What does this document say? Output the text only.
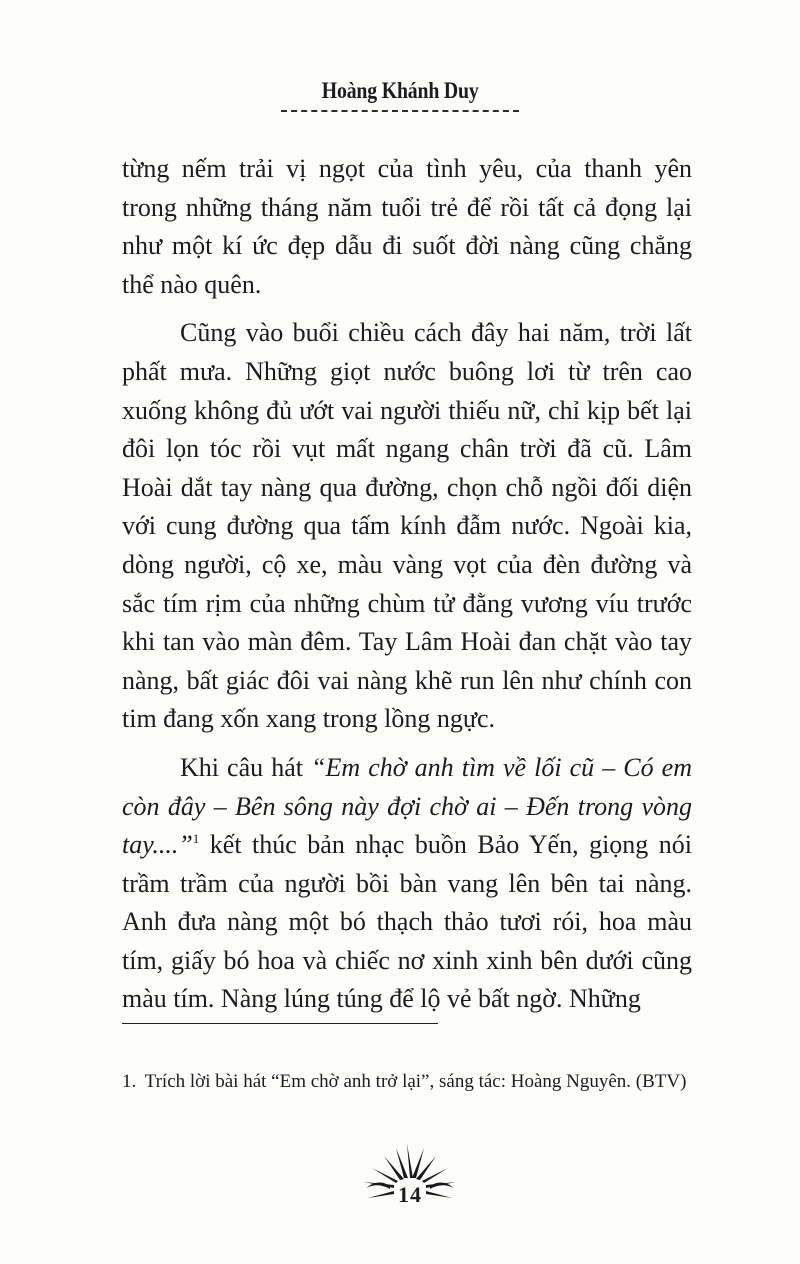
Hoàng Khánh Duy

từng nếm trải vị ngọt của tình yêu, của thanh yên trong những tháng năm tuổi trẻ để rồi tất cả đọng lại như một kí ức đẹp dẫu đi suốt đời nàng cũng chẳng thể nào quên.

Cũng vào buổi chiều cách đây hai năm, trời lất phất mưa. Những giọt nước buông lơi từ trên cao xuống không đủ ướt vai người thiếu nữ, chỉ kịp bết lại đôi lọn tóc rồi vụt mất ngang chân trời đã cũ. Lâm Hoài dắt tay nàng qua đường, chọn chỗ ngồi đối diện với cung đường qua tấm kính đẫm nước. Ngoài kia, dòng người, cộ xe, màu vàng vọt của đèn đường và sắc tím rịm của những chùm tử đằng vương víu trước khi tan vào màn đêm. Tay Lâm Hoài đan chặt vào tay nàng, bất giác đôi vai nàng khẽ run lên như chính con tim đang xốn xang trong lồng ngực.

Khi câu hát “Em chờ anh tìm về lối cũ – Có em còn đây – Bên sông này đợi chờ ai – Đến trong vòng tay....”$^1$ kết thúc bản nhạc buồn Bảo Yến, giọng nói trầm trầm của người bồi bàn vang lên bên tai nàng. Anh đưa nàng một bó thạch thảo tươi rói, hoa màu tím, giấy bó hoa và chiếc nơ xinh xinh bên dưới cũng màu tím. Nàng lúng túng để lộ vẻ bất ngờ. Những

1. Trích lời bài hát “Em chờ anh trở lại”, sáng tác: Hoàng Nguyên. (BTV)
14
